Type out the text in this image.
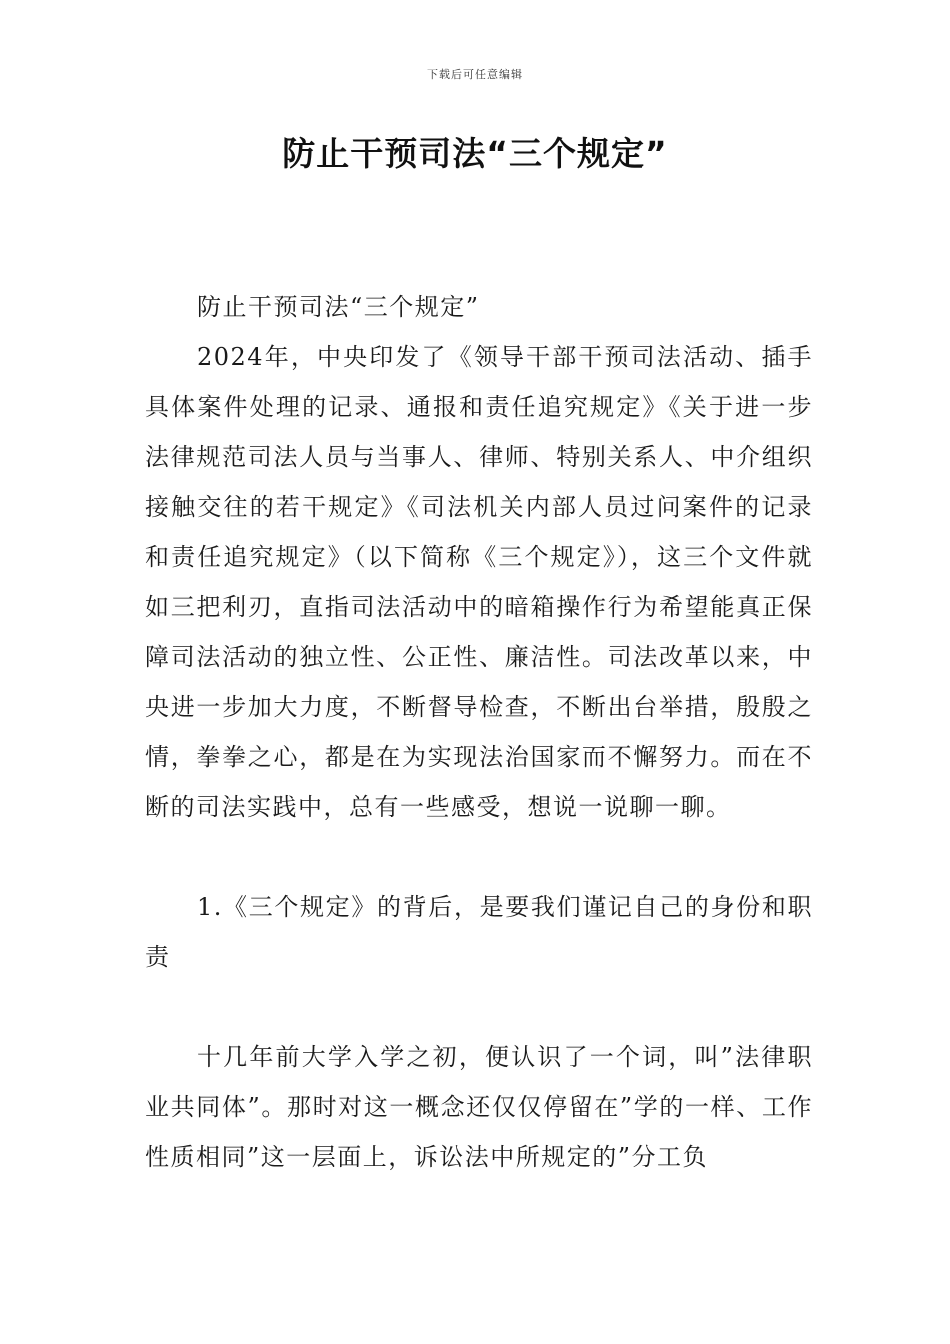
下载后可任意编辑
防止干预司法“三个规定”

防止干预司法“三个规定”

2024年，中央印发了《领导干部干预司法活动、插手具体案件处理的记录、通报和责任追究规定》《关于进一步法律规范司法人员与当事人、律师、特别关系人、中介组织接触交往的若干规定》《司法机关内部人员过问案件的记录和责任追究规定》（以下简称《三个规定》），这三个文件就如三把利刃，直指司法活动中的暗箱操作行为希望能真正保障司法活动的独立性、公正性、廉洁性。司法改革以来，中央进一步加大力度，不断督导检查，不断出台举措，殷殷之情，拳拳之心，都是在为实现法治国家而不懈努力。而在不断的司法实践中，总有一些感受，想说一说聊一聊。

1.《三个规定》的背后，是要我们谨记自己的身份和职责

十几年前大学入学之初，便认识了一个词，叫”法律职业共同体”。那时对这一概念还仅仅停留在”学的一样、工作性质相同”这一层面上，诉讼法中所规定的”分工负
